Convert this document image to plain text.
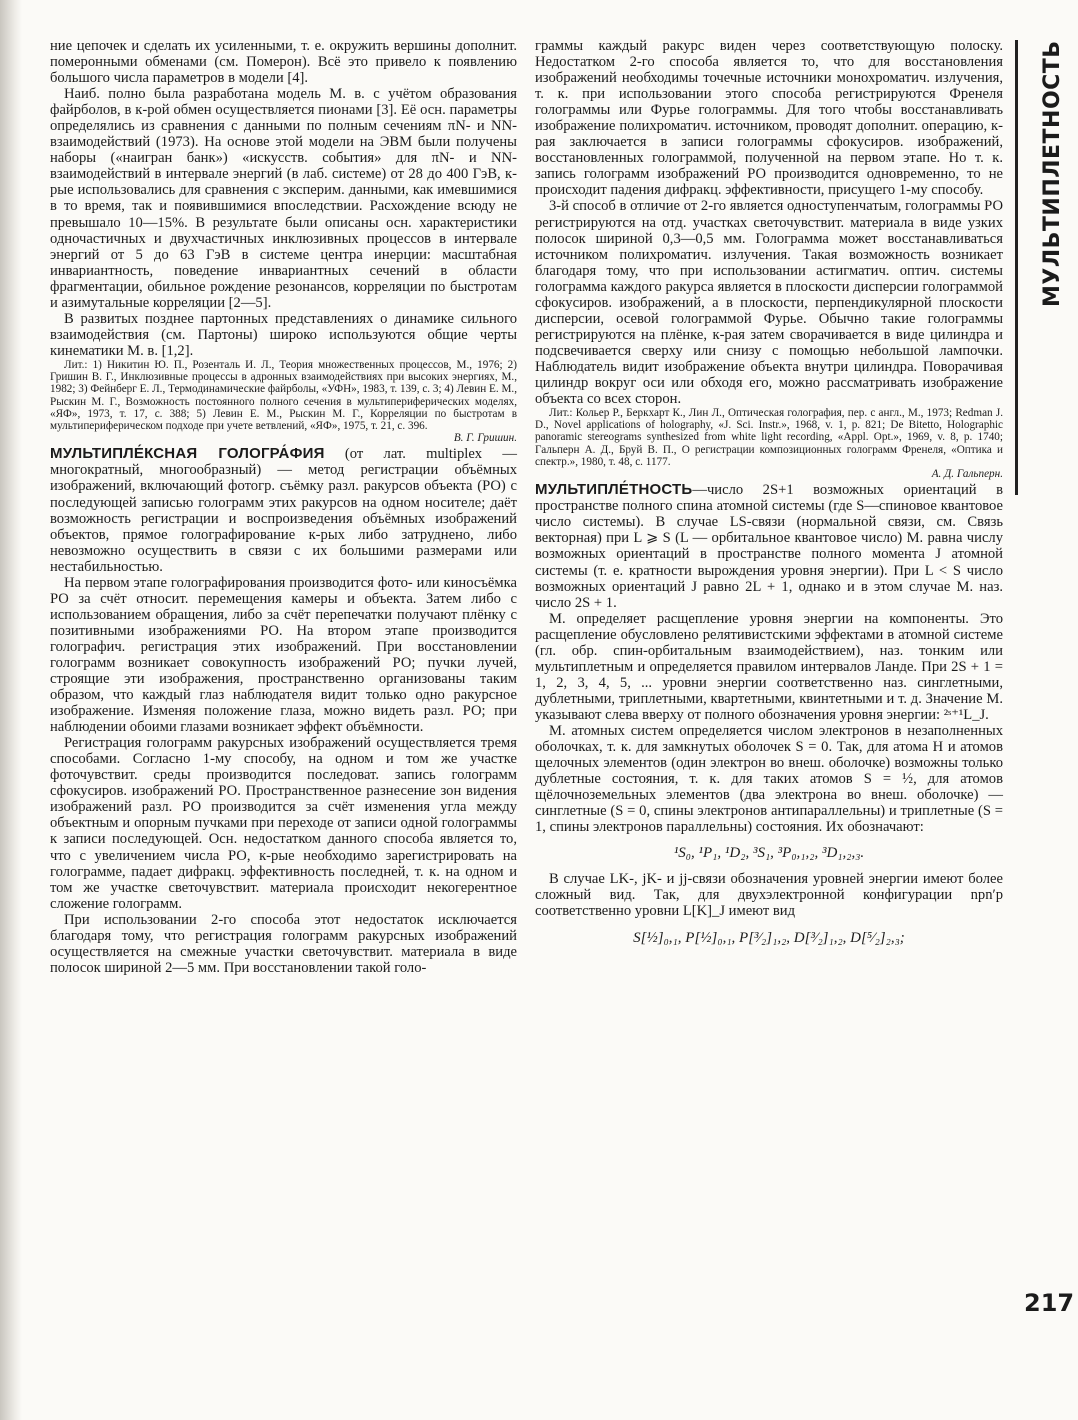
ние цепочек и сделать их усиленными, т. е. окружить вершины дополнит. померонными обменами (см. Померон). Всё это привело к появлению большого числа параметров в модели [4].

Наиб. полно была разработана модель М. в. с учётом образования файрболов, в к-рой обмен осуществляется пионами [3]. Её осн. параметры определялись из сравнения с данными по полным сечениям πN- и NN-взаимодействий (1973). На основе этой модели на ЭВМ были получены наборы («наигран банк») «искусств. события» для πN- и NN-взаимодействий в интервале энергий (в лаб. системе) от 28 до 400 ГэВ, к-рые использовались для сравнения с эксперим. данными, как имевшимися в то время, так и появившимися впоследствии. Расхождение всюду не превышало 10—15%. В результате были описаны осн. характеристики одночастичных и двухчастичных инклюзивных процессов в интервале энергий от 5 до 63 ГэВ в системе центра инерции: масштабная инвариантность, поведение инвариантных сечений в области фрагментации, обильное рождение резонансов, корреляции по быстротам и азимутальные корреляции [2—5].

В развитых позднее партонных представлениях о динамике сильного взаимодействия (см. Партоны) широко используются общие черты кинематики М. в. [1,2].

Лит.: 1) Никитин Ю. П., Розенталь И. Л., Теория множественных процессов, М., 1976; 2) Гришин В. Г., Инклюзивные процессы в адронных взаимодействиях при высоких энергиях, М., 1982; 3) Фейнберг Е. Л., Термодинамические файрболы, «УФН», 1983, т. 139, с. 3; 4) Левин Е. М., Рыскин М. Г., Возможность постоянного полного сечения в мультипериферических моделях, «ЯФ», 1973, т. 17, с. 388; 5) Левин Е. М., Рыскин М. Г., Корреляции по быстротам в мультипериферическом подходе при учете ветвлений, «ЯФ», 1975, т. 21, с. 396.
В. Г. Гришин.

МУЛЬТИПЛЕ́КСНАЯ ГОЛОГРА́ФИЯ (от лат. multiplex — многократный, многообразный) — метод регистрации объёмных изображений, включающий фотогр. съёмку разл. ракурсов объекта (РО) с последующей записью голограмм этих ракурсов на одном носителе; даёт возможность регистрации и воспроизведения объёмных изображений объектов, прямое голографирование к-рых либо затруднено, либо невозможно осуществить в связи с их большими размерами или нестабильностью.

На первом этапе голографирования производится фото- или киносъёмка РО за счёт относит. перемещения камеры и объекта. Затем либо с использованием обращения, либо за счёт перепечатки получают плёнку с позитивными изображениями РО. На втором этапе производится голографич. регистрация этих изображений. При восстановлении голограмм возникает совокупность изображений РО; пучки лучей, строящие эти изображения, пространственно организованы таким образом, что каждый глаз наблюдателя видит только одно ракурсное изображение. Изменяя положение глаза, можно видеть разл. РО; при наблюдении обоими глазами возникает эффект объёмности.

Регистрация голограмм ракурсных изображений осуществляется тремя способами. Согласно 1-му способу, на одном и том же участке фоточувствит. среды производится последоват. запись голограмм сфокусиров. изображений РО. Пространственное разнесение зон видения изображений разл. РО производится за счёт изменения угла между объектным и опорным пучками при переходе от записи одной голограммы к записи последующей. Осн. недостатком данного способа является то, что с увеличением числа РО, к-рые необходимо зарегистрировать на голограмме, падает дифракц. эффективность последней, т. к. на одном и том же участке светочувствит. материала происходит некогерентное сложение голограмм.

При использовании 2-го способа этот недостаток исключается благодаря тому, что регистрация голограмм ракурсных изображений осуществляется на смежные участки светочувствит. материала в виде полосок шириной 2—5 мм. При восстановлении такой голо-

граммы каждый ракурс виден через соответствующую полоску. Недостатком 2-го способа является то, что для восстановления изображений необходимы точечные источники монохроматич. излучения, т. к. при использовании этого способа регистрируются Френеля голограммы или Фурье голограммы. Для того чтобы восстанавливать изображение полихроматич. источником, проводят дополнит. операцию, к-рая заключается в записи голограммы сфокусиров. изображений, восстановленных голограммой, полученной на первом этапе. Но т. к. запись голограмм изображений РО производится одновременно, то не происходит падения дифракц. эффективности, присущего 1-му способу.

3-й способ в отличие от 2-го является одноступенчатым, голограммы РО регистрируются на отд. участках светочувствит. материала в виде узких полосок шириной 0,3—0,5 мм. Голограмма может восстанавливаться источником полихроматич. излучения. Такая возможность возникает благодаря тому, что при использовании астигматич. оптич. системы голограмма каждого ракурса является в плоскости дисперсии голограммой сфокусиров. изображений, а в плоскости, перпендикулярной плоскости дисперсии, осевой голограммой Фурье. Обычно такие голограммы регистрируются на плёнке, к-рая затем сворачивается в виде цилиндра и подсвечивается сверху или снизу с помощью небольшой лампочки. Наблюдатель видит изображение объекта внутри цилиндра. Поворачивая цилиндр вокруг оси или обходя его, можно рассматривать изображение объекта со всех сторон.

Лит.: Кольер Р., Беркхарт К., Лин Л., Оптическая голография, пер. с англ., М., 1973; Redman J. D., Novel applications of holography, «J. Sci. Instr.», 1968, v. 1, p. 821; De Bitetto, Holographic panoramic stereograms synthesized from white light recording, «Appl. Opt.», 1969, v. 8, p. 1740; Гальперн А. Д., Бруй В. П., О регистрации композиционных голограмм Френеля, «Оптика и спектр.», 1980, т. 48, с. 1177.
А. Д. Гальперн.

МУЛЬТИПЛЕ́ТНОСТЬ—число 2S+1 возможных ориентаций в пространстве полного спина атомной системы (где S—спиновое квантовое число системы). В случае LS-связи (нормальной связи, см. Связь векторная) при L ⩾ S (L — орбитальное квантовое число) М. равна числу возможных ориентаций в пространстве полного момента J атомной системы (т. е. кратности вырождения уровня энергии). При L < S число возможных ориентаций J равно 2L + 1, однако и в этом случае М. наз. число 2S + 1.

М. определяет расщепление уровня энергии на компоненты. Это расщепление обусловлено релятивистскими эффектами в атомной системе (гл. обр. спин-орбитальным взаимодействием), наз. тонким или мультиплетным и определяется правилом интервалов Ланде. При 2S + 1 = 1, 2, 3, 4, 5, ... уровни энергии соответственно наз. синглетными, дублетными, триплетными, квартетными, квинтетными и т. д. Значение М. указывают слева вверху от полного обозначения уровня энергии: ²ˢ⁺¹L_J.

М. атомных систем определяется числом электронов в незаполненных оболочках, т. к. для замкнутых оболочек S = 0. Так, для атома H и атомов щелочных элементов (один электрон во внеш. оболочке) возможны только дублетные состояния, т. к. для таких атомов S = ½, для атомов щёлочноземельных элементов (два электрона во внеш. оболочке) — синглетные (S = 0, спины электронов антипараллельны) и триплетные (S = 1, спины электронов параллельны) состояния. Их обозначают:

¹S₀, ¹P₁, ¹D₂, ³S₁, ³P₀,₁,₂, ³D₁,₂,₃.

В случае LK-, jK- и jj-связи обозначения уровней энергии имеют более сложный вид. Так, для двухэлектронной конфигурации npn′p соответственно уровни L[K]_J имеют вид

S[½]₀,₁, P[½]₀,₁, P[³⁄₂]₁,₂, D[³⁄₂]₁,₂, D[⁵⁄₂]₂,₃;
МУЛЬТИПЛЕТНОСТЬ
217
